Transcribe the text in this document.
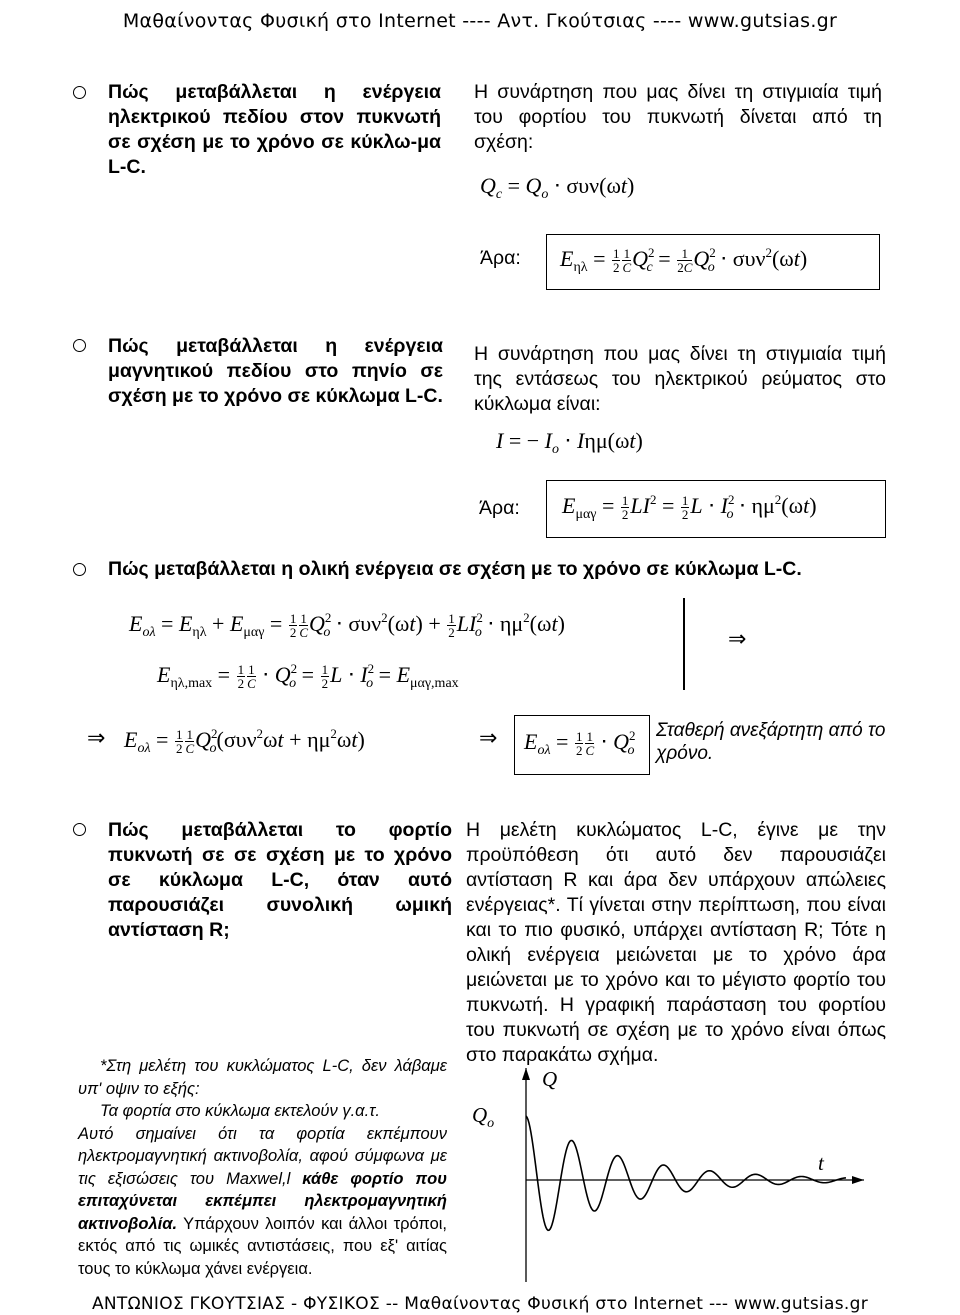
Μαθαίνοντας Φυσική στο Internet ---- Αντ. Γκούτσιας ---- www.gutsias.gr
ΑΝΤΩΝΙΟΣ ΓΚΟΥΤΣΙΑΣ - ΦΥΣΙΚΟΣ -- Μαθαίνοντας Φυσική στο Internet --- www.gutsias.gr
Πώς μεταβάλλεται η ενέργεια ηλεκτρικού πεδίου στον πυκνωτή σε σχέση με το χρόνο σε κύκλω-μα L-C.
Η συνάρτηση που μας δίνει τη στιγμιαία τιμή του φορτίου του πυκνωτή δίνεται από τη σχέση:
$Q_c = Q_o \cdot \sigma\upsilon\nu(\omega t)$
Άρα: $E_{\eta\lambda} = \frac{1}{2} \frac{1}{C} Q^2_c = \frac{1}{2C} Q^2_o \cdot \sigma\upsilon\nu^2(\omega t)$
Πώς μεταβάλλεται η ενέργεια μαγνητικού πεδίου στο πηνίο σε σχέση με το χρόνο σε κύκλωμα L-C.
Η συνάρτηση που μας δίνει τη στιγμιαία τιμή της εντάσεως του ηλεκτρικού ρεύματος στο κύκλωμα είναι:
I = − $I_o \cdot I\eta\mu(\omega t)$
Άρα: $E_{\mu\alpha\gamma} = \frac{1}{2} LI^2 = \frac{1}{2}$ $L \cdot I^2_o \cdot \eta\mu^2(\omega t)$
Πώς μεταβάλλεται η ολική ενέργεια σε σχέση με το χρόνο σε κύκλωμα L-C.
$E_{o\lambda} = E_{\eta\lambda} + E_{\mu\alpha\gamma} = \frac{1}{2} \frac{1}{C} Q^2_o \cdot \sigma\upsilon\nu^2(\omega t) + \frac{1}{2} LI^2_o \cdot \eta\mu^2(\omega t)$
$E_{\eta\lambda,max} = \frac{1}{2} \frac{1}{C} \cdot Q^2_o = \frac{1}{2}$ $L \cdot I^2_o = E_{\mu\alpha\gamma,max}$
⇒
⇒ $E_{o\lambda} = \frac{1}{2} \frac{1}{C} Q^2_o(\sigma\upsilon\nu^2\omega t + \eta\mu^2\omega t)$	⇒ $E_{o\lambda} = \frac{1}{2} \frac{1}{C} \cdot Q^2_o$
Σταθερή ανεξάρτητη από το χρόνο.
Πώς μεταβάλλεται το φορτίο πυκνωτή σε σε σχέση με το χρόνο σε κύκλωμα L-C, όταν αυτό παρουσιάζει συνολική ωμική αντίσταση R;
Η μελέτη κυκλώματος L-C, έγινε με την προϋπόθεση ότι αυτό δεν παρουσιάζει αντίσταση R και άρα δεν υπάρχουν απώλειες ενέργειας*. Τί γίνεται στην περίπτωση, που είναι και το πιο φυσικό, υπάρχει αντίσταση R; Τότε η ολική ενέργεια μειώνεται με το χρόνο άρα μειώνεται με το χρόνο και το μέγιστο φορτίο του πυκνωτή. Η γραφική παράσταση του φορτίου του πυκνωτή σε σχέση με το χρόνο είναι όπως στο παρακάτω σχήμα.
*Στη μελέτη του κυκλώματος L-C, δεν λάβαμε υπ' οψιν το εξής:
Τα φορτία στο κύκλωμα εκτελούν γ.α.τ.
Αυτό σημαίνει ότι τα φορτία εκπέμπουν ηλεκτρομαγνητική ακτινοβολία, αφού σύμφωνα με τις εξισώσεις του Maxwel,l κάθε φορτίο που επιταχύνεται εκπέμπει ηλεκτρομαγνητική ακτινοβολία. Υπάρχουν λοιπόν και άλλοι τρόποι, εκτός από τις ωμικές αντιστάσεις, που εξ' αιτίας τους το κύκλωμα χάνει ενέργεια.
Q
$Q_o$
t
